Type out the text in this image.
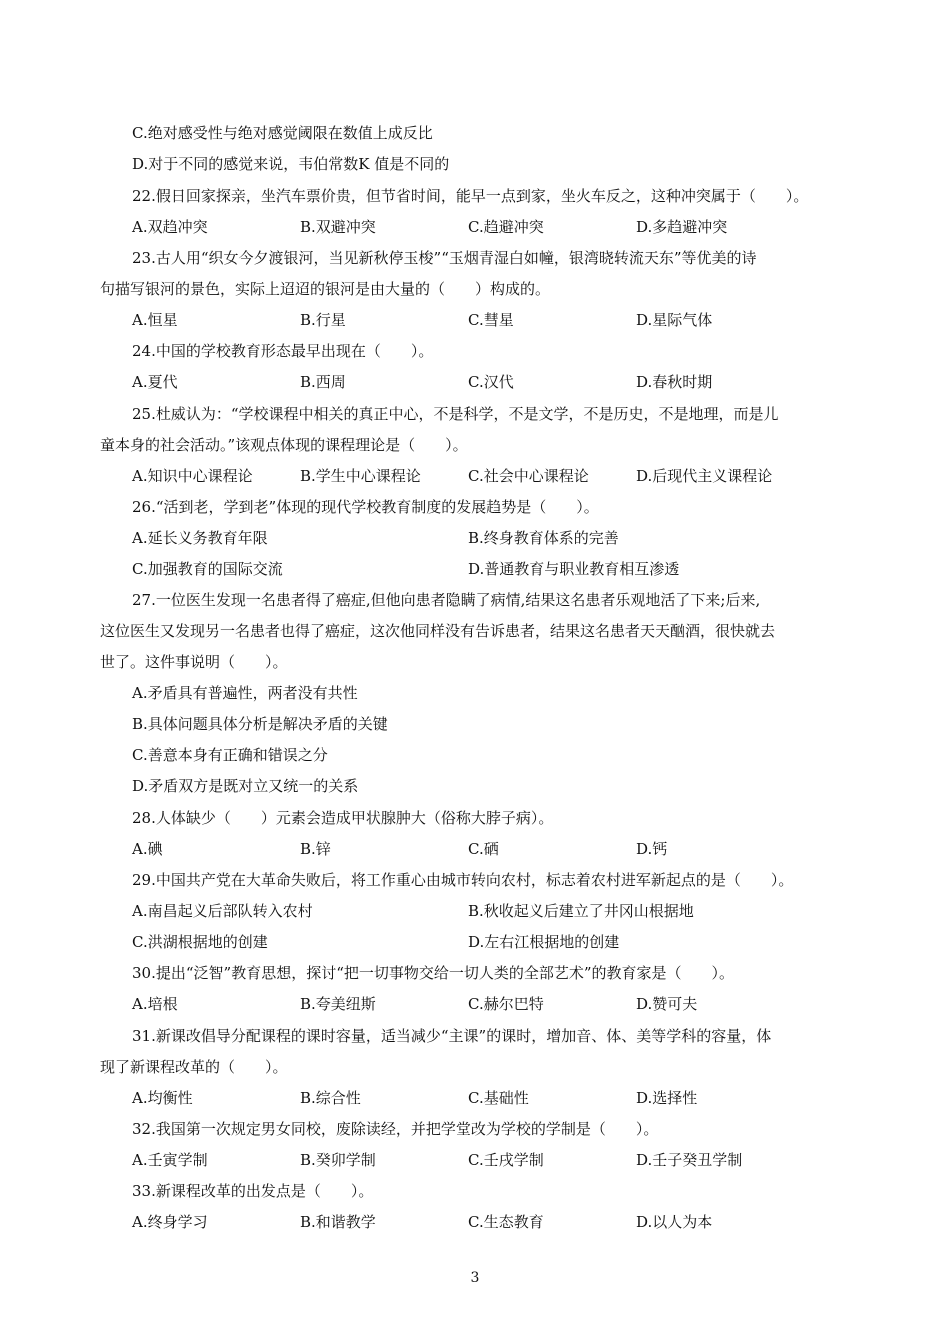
C.绝对感受性与绝对感觉阈限在数值上成反比
D.对于不同的感觉来说，韦伯常数K 值是不同的
22.假日回家探亲，坐汽车票价贵，但节省时间，能早一点到家，坐火车反之，这种冲突属于（　　）。
A.双趋冲突	B.双避冲突	C.趋避冲突	D.多趋避冲突
23.古人用“织女今夕渡银河，当见新秋停玉梭”“玉烟青湿白如幢，银湾晓转流天东”等优美的诗
句描写银河的景色，实际上迢迢的银河是由大量的（　　）构成的。
A.恒星	B.行星	C.彗星	D.星际气体
24.中国的学校教育形态最早出现在（　　）。
A.夏代	B.西周	C.汉代	D.春秋时期
25.杜威认为：“学校课程中相关的真正中心，不是科学，不是文学，不是历史，不是地理，而是儿
童本身的社会活动。”该观点体现的课程理论是（　　）。
A.知识中心课程论	B.学生中心课程论	C.社会中心课程论	D.后现代主义课程论
26.“活到老，学到老”体现的现代学校教育制度的发展趋势是（　　）。
A.延长义务教育年限	B.终身教育体系的完善
C.加强教育的国际交流	D.普通教育与职业教育相互渗透
27.一位医生发现一名患者得了癌症,但他向患者隐瞒了病情,结果这名患者乐观地活了下来;后来,
这位医生又发现另一名患者也得了癌症，这次他同样没有告诉患者，结果这名患者天天酗酒，很快就去
世了。这件事说明（　　）。
A.矛盾具有普遍性，两者没有共性
B.具体问题具体分析是解决矛盾的关键
C.善意本身有正确和错误之分
D.矛盾双方是既对立又统一的关系
28.人体缺少（　　）元素会造成甲状腺肿大（俗称大脖子病）。
A.碘	B.锌	C.硒	D.钙
29.中国共产党在大革命失败后，将工作重心由城市转向农村，标志着农村进军新起点的是（　　）。
A.南昌起义后部队转入农村	B.秋收起义后建立了井冈山根据地
C.洪湖根据地的创建	D.左右江根据地的创建
30.提出“泛智”教育思想，探讨“把一切事物交给一切人类的全部艺术”的教育家是（　　）。
A.培根	B.夸美纽斯	C.赫尔巴特	D.赞可夫
31.新课改倡导分配课程的课时容量，适当减少“主课”的课时，增加音、体、美等学科的容量，体
现了新课程改革的（　　）。
A.均衡性	B.综合性	C.基础性	D.选择性
32.我国第一次规定男女同校，废除读经，并把学堂改为学校的学制是（　　）。
A.壬寅学制	B.癸卯学制	C.壬戌学制	D.壬子癸丑学制
33.新课程改革的出发点是（　　）。
A.终身学习	B.和谐教学	C.生态教育	D.以人为本
3
